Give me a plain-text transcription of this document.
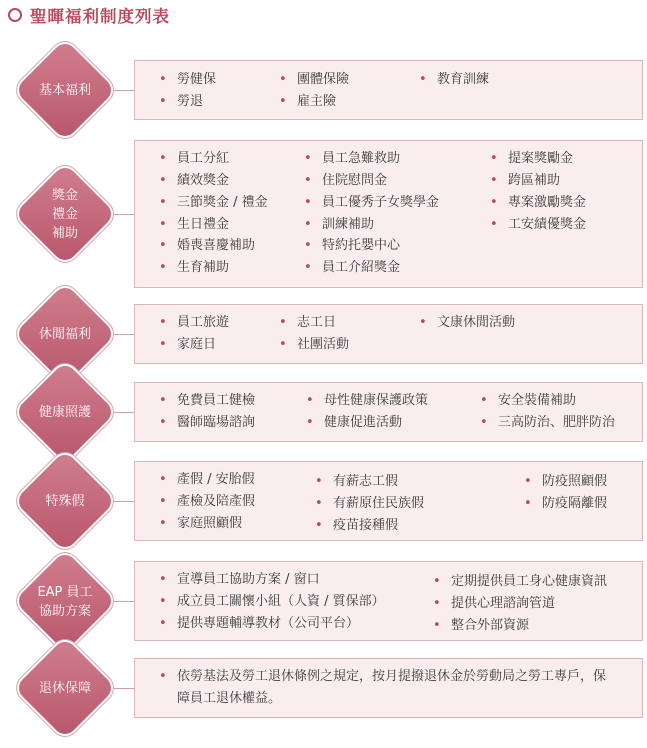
聖暉福利制度列表
基本福利
• 勞健保
• 勞退
• 團體保險
• 雇主險
• 教育訓練
獎金
禮金
補助
• 員工分紅
• 績效獎金
• 三節獎金 / 禮金
• 生日禮金
• 婚喪喜慶補助
• 生育補助
• 員工急難救助
• 住院慰問金
• 員工優秀子女獎學金
• 訓練補助
• 特約托嬰中心
• 員工介紹獎金
• 提案獎勵金
• 跨區補助
• 專案激勵獎金
• 工安績優獎金
休閒福利
• 員工旅遊
• 家庭日
• 志工日
• 社團活動
• 文康休閒活動
健康照護
• 免費員工健檢
• 醫師臨場諮詢
• 母性健康保護政策
• 健康促進活動
• 安全裝備補助
• 三高防治、肥胖防治
特殊假
• 產假 / 安胎假
• 產檢及陪產假
• 家庭照顧假
• 有薪志工假
• 有薪原住民族假
• 疫苗接種假
• 防疫照顧假
• 防疫隔離假
EAP 員工
協助方案
• 宣導員工協助方案 / 窗口
• 成立員工關懷小組（人資 / 質保部）
• 提供專題輔導教材（公司平台）
• 定期提供員工身心健康資訊
• 提供心理諮詢管道
• 整合外部資源
退休保障
• 依勞基法及勞工退休條例之規定，按月提撥退休金於勞動局之勞工專戶，保障員工退休權益。
